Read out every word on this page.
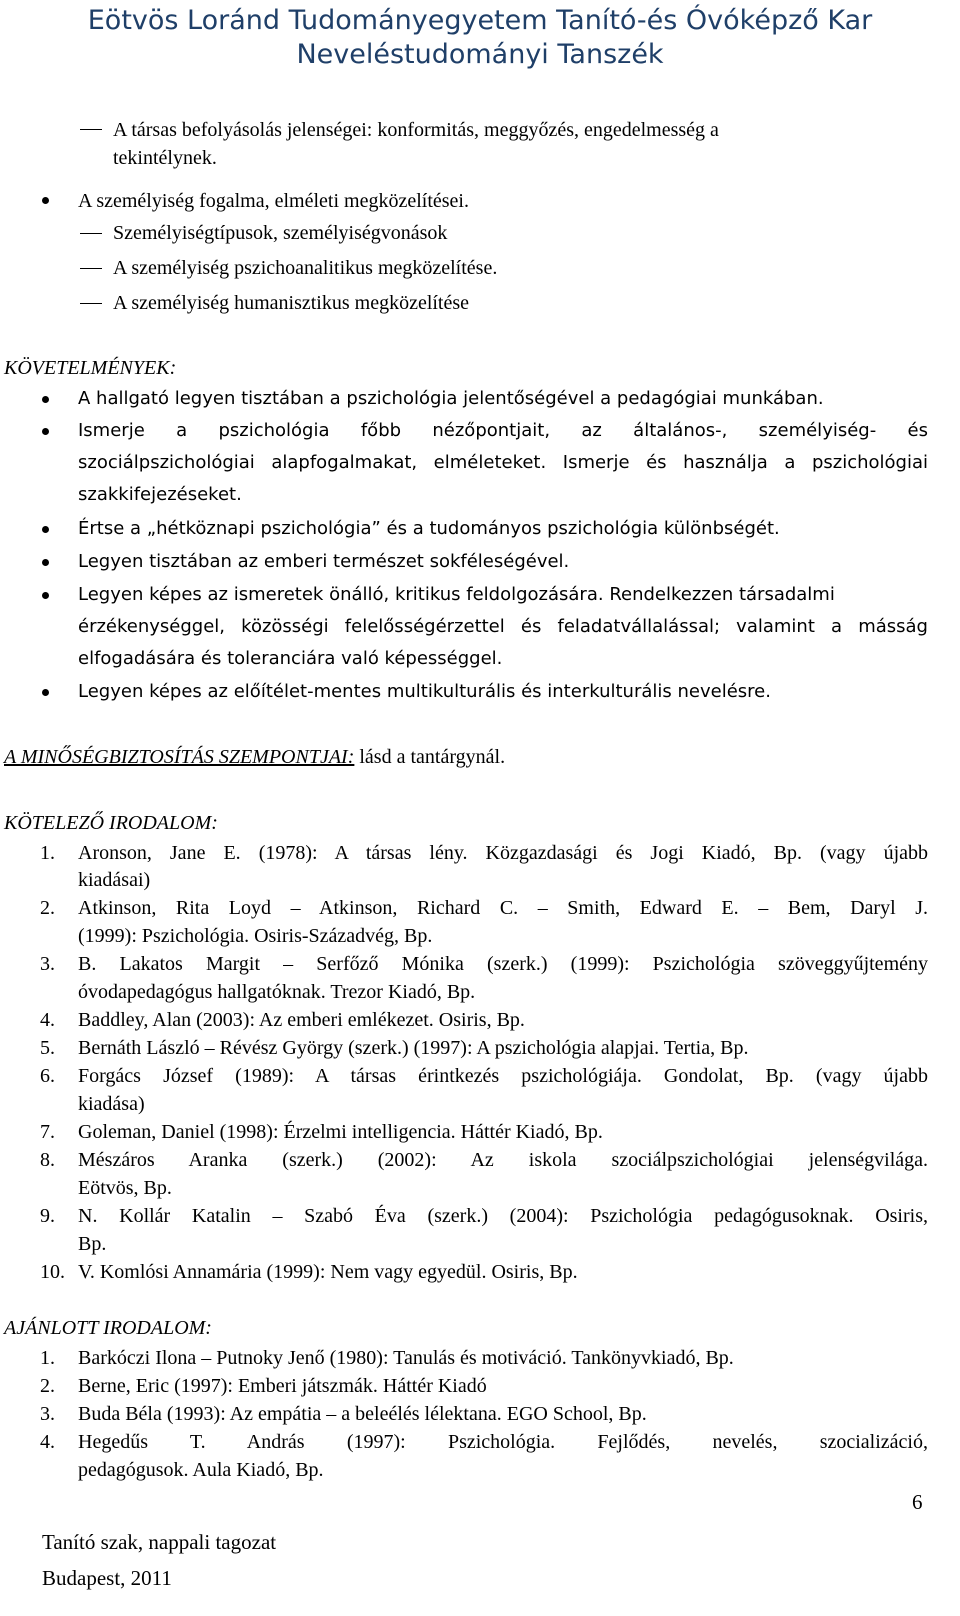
Eötvös Loránd Tudományegyetem Tanító-és Óvóképző Kar
Neveléstudományi Tanszék
A társas befolyásolás jelenségei: konformitás, meggyőzés, engedelmesség a
tekintélynek.
A személyiség fogalma, elméleti megközelítései.
Személyiségtípusok, személyiségvonások
A személyiség pszichoanalitikus megközelítése.
A személyiség humanisztikus megközelítése
KÖVETELMÉNYEK:
A hallgató legyen tisztában a pszichológia jelentőségével a pedagógiai munkában.
Ismerje a pszichológia főbb nézőpontjait, az általános-, személyiség- és
szociálpszichológiai alapfogalmakat, elméleteket. Ismerje és használja a pszichológiai
szakkifejezéseket.
Értse a „hétköznapi pszichológia” és a tudományos pszichológia különbségét.
Legyen tisztában az emberi természet sokféleségével.
Legyen képes az ismeretek önálló, kritikus feldolgozására. Rendelkezzen társadalmi
érzékenységgel, közösségi felelősségérzettel és feladatvállalással; valamint a másság
elfogadására és toleranciára való képességgel.
Legyen képes az előítélet-mentes multikulturális és interkulturális nevelésre.
A MINŐSÉGBIZTOSÍTÁS SZEMPONTJAI: lásd a tantárgynál.
KÖTELEZŐ IRODALOM:
1. Aronson, Jane E. (1978): A társas lény. Közgazdasági és Jogi Kiadó, Bp. (vagy újabb
kiadásai)
2. Atkinson, Rita Loyd – Atkinson, Richard C. – Smith, Edward E. – Bem, Daryl J.
(1999): Pszichológia. Osiris-Századvég, Bp.
3. B. Lakatos Margit – Serfőző Mónika (szerk.) (1999): Pszichológia szöveggyűjtemény
óvodapedagógus hallgatóknak. Trezor Kiadó, Bp.
4. Baddley, Alan (2003): Az emberi emlékezet. Osiris, Bp.
5. Bernáth László – Révész György (szerk.) (1997): A pszichológia alapjai. Tertia, Bp.
6. Forgács József (1989): A társas érintkezés pszichológiája. Gondolat, Bp. (vagy újabb
kiadása)
7. Goleman, Daniel (1998): Érzelmi intelligencia. Háttér Kiadó, Bp.
8. Mészáros Aranka (szerk.) (2002): Az iskola szociálpszichológiai jelenségvilága.
Eötvös, Bp.
9. N. Kollár Katalin – Szabó Éva (szerk.) (2004): Pszichológia pedagógusoknak. Osiris,
Bp.
10. V. Komlósi Annamária (1999): Nem vagy egyedül. Osiris, Bp.
AJÁNLOTT IRODALOM:
1. Barkóczi Ilona – Putnoky Jenő (1980): Tanulás és motiváció. Tankönyvkiadó, Bp.
2. Berne, Eric (1997): Emberi játszmák. Háttér Kiadó
3. Buda Béla (1993): Az empátia – a beleélés lélektana. EGO School, Bp.
4. Hegedűs T. András (1997): Pszichológia. Fejlődés, nevelés, szocializáció,
pedagógusok. Aula Kiadó, Bp.
6
Tanító szak, nappali tagozat
Budapest, 2011
